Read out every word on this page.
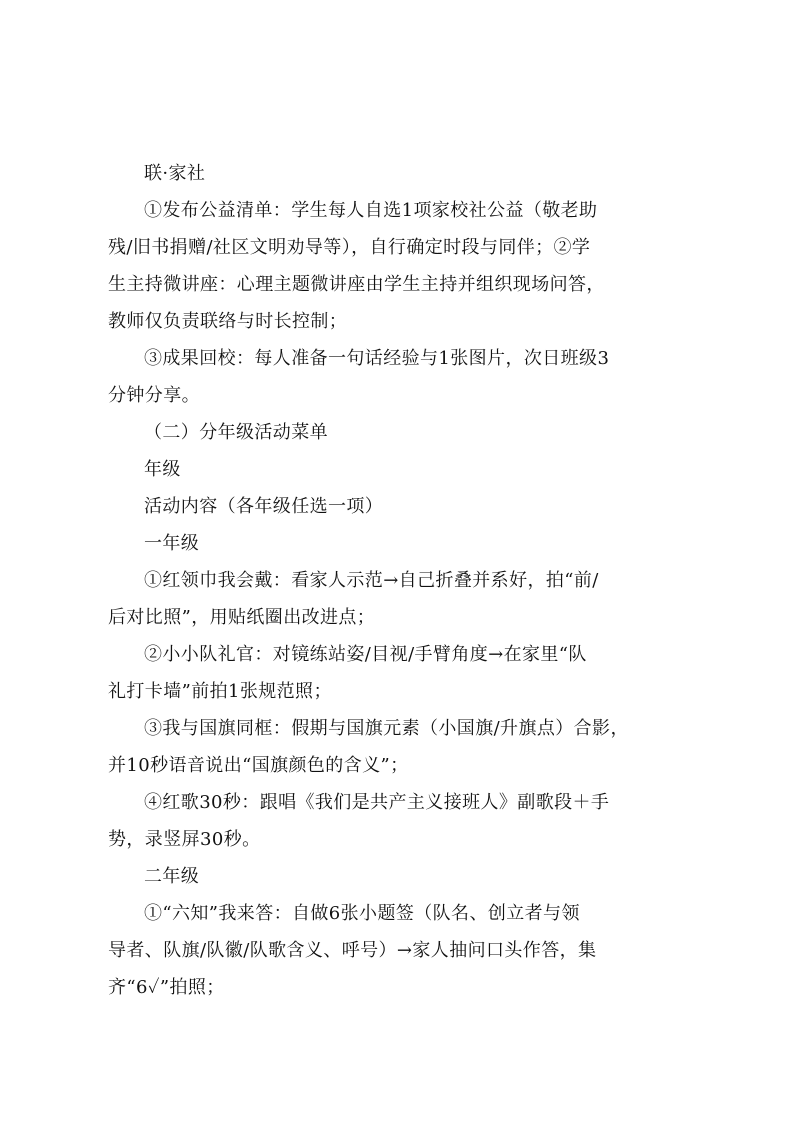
联·家社
①发布公益清单：学生每人自选1项家校社公益（敬老助
残/旧书捐赠/社区文明劝导等），自行确定时段与同伴；②学
生主持微讲座：心理主题微讲座由学生主持并组织现场问答，
教师仅负责联络与时长控制；
③成果回校：每人准备一句话经验与1张图片，次日班级3
分钟分享。
（二）分年级活动菜单
年级
活动内容（各年级任选一项）
一年级
①红领巾我会戴：看家人示范→自己折叠并系好，拍“前/
后对比照”，用贴纸圈出改进点；
②小小队礼官：对镜练站姿/目视/手臂角度→在家里“队
礼打卡墙”前拍1张规范照；
③我与国旗同框：假期与国旗元素（小国旗/升旗点）合影，
并10秒语音说出“国旗颜色的含义”；
④红歌30秒：跟唱《我们是共产主义接班人》副歌段＋手
势，录竖屏30秒。
二年级
①“六知”我来答：自做6张小题签（队名、创立者与领
导者、队旗/队徽/队歌含义、呼号）→家人抽问口头作答，集
齐“6✓”拍照；
